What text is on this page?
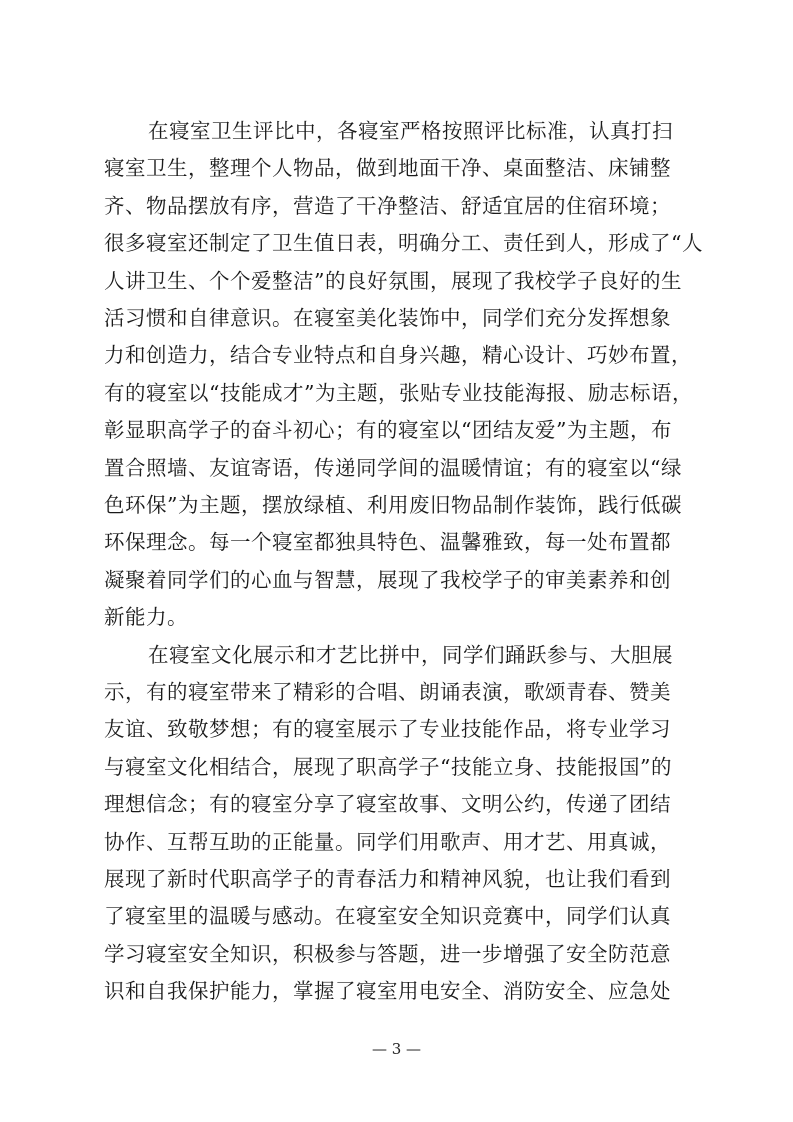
在寝室卫生评比中，各寝室严格按照评比标准，认真打扫
寝室卫生，整理个人物品，做到地面干净、桌面整洁、床铺整
齐、物品摆放有序，营造了干净整洁、舒适宜居的住宿环境；
很多寝室还制定了卫生值日表，明确分工、责任到人，形成了“人
人讲卫生、个个爱整洁”的良好氛围，展现了我校学子良好的生
活习惯和自律意识。在寝室美化装饰中，同学们充分发挥想象
力和创造力，结合专业特点和自身兴趣，精心设计、巧妙布置，
有的寝室以“技能成才”为主题，张贴专业技能海报、励志标语，
彰显职高学子的奋斗初心；有的寝室以“团结友爱”为主题，布
置合照墙、友谊寄语，传递同学间的温暖情谊；有的寝室以“绿
色环保”为主题，摆放绿植、利用废旧物品制作装饰，践行低碳
环保理念。每一个寝室都独具特色、温馨雅致，每一处布置都
凝聚着同学们的心血与智慧，展现了我校学子的审美素养和创
新能力。
在寝室文化展示和才艺比拼中，同学们踊跃参与、大胆展
示，有的寝室带来了精彩的合唱、朗诵表演，歌颂青春、赞美
友谊、致敬梦想；有的寝室展示了专业技能作品，将专业学习
与寝室文化相结合，展现了职高学子“技能立身、技能报国”的
理想信念；有的寝室分享了寝室故事、文明公约，传递了团结
协作、互帮互助的正能量。同学们用歌声、用才艺、用真诚，
展现了新时代职高学子的青春活力和精神风貌，也让我们看到
了寝室里的温暖与感动。在寝室安全知识竞赛中，同学们认真
学习寝室安全知识，积极参与答题，进一步增强了安全防范意
识和自我保护能力，掌握了寝室用电安全、消防安全、应急处
— 3 —
